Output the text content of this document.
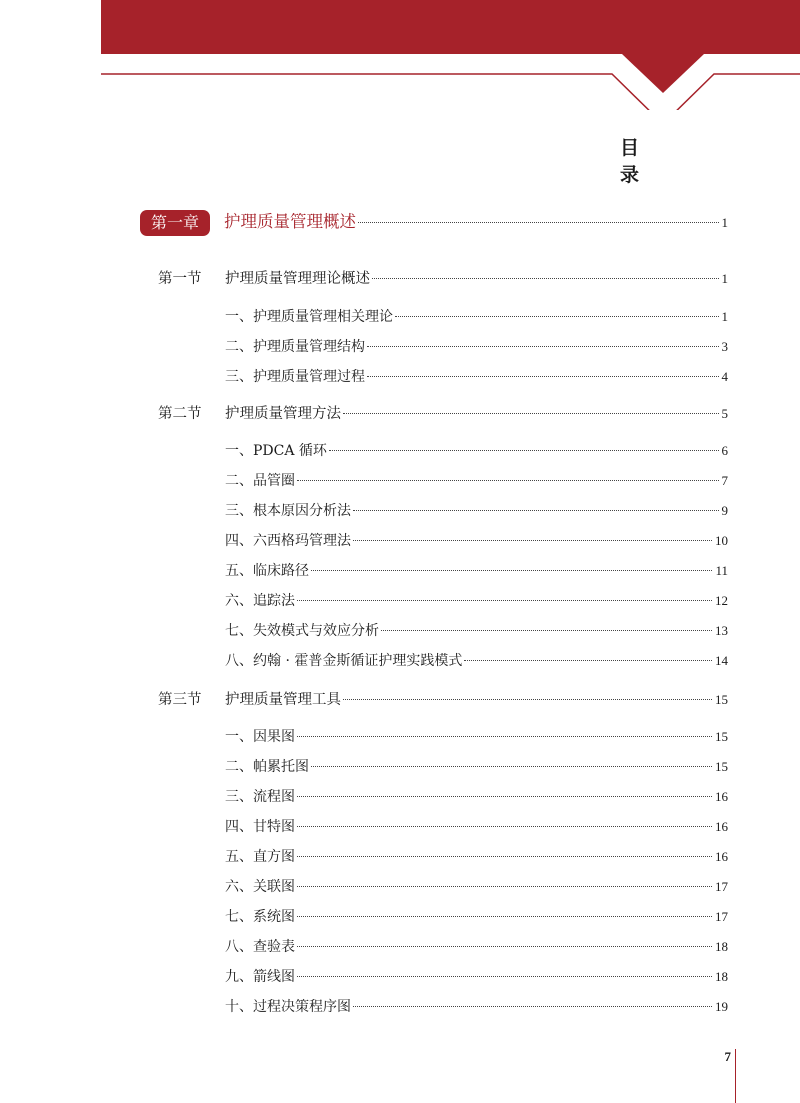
目 录
第一章	护理质量管理概述	1
第一节 护理质量管理理论概述	1
一、护理质量管理相关理论	1
二、护理质量管理结构	3
三、护理质量管理过程	4
第二节 护理质量管理方法	5
一、PDCA 循环	6
二、品管圈	7
三、根本原因分析法	9
四、六西格玛管理法	10
五、临床路径	11
六、追踪法	12
七、失效模式与效应分析	13
八、约翰 · 霍普金斯循证护理实践模式	14
第三节 护理质量管理工具	15
一、因果图	15
二、帕累托图	15
三、流程图	16
四、甘特图	16
五、直方图	16
六、关联图	17
七、系统图	17
八、查验表	18
九、箭线图	18
十、过程决策程序图	19
7
